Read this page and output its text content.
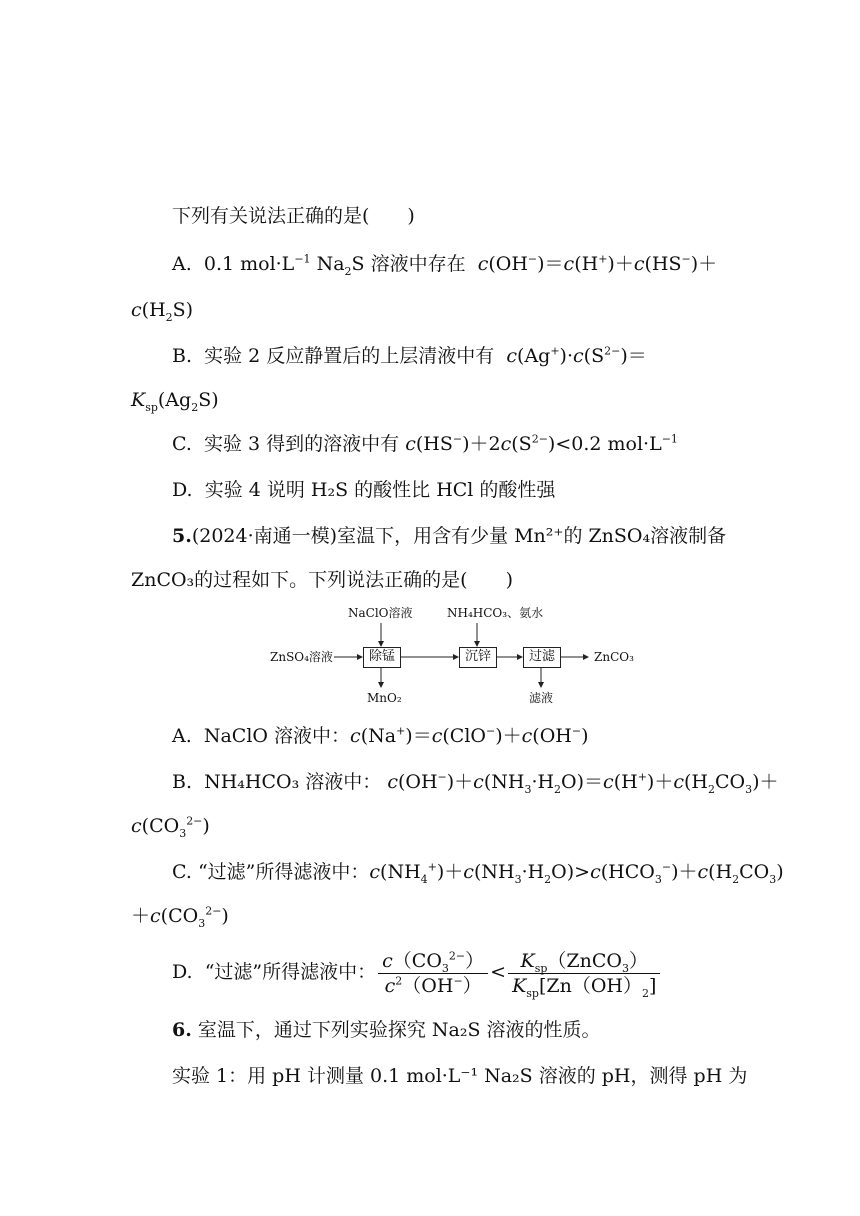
下列有关说法正确的是(　　)
A. 0.1 $mol\cdot L^{-1}$ $Na_2S$ 溶液中存在 c(OH−)＝c(H+)＋c(HS−)＋
$c(H_2S)$
B. 实验 2 反应静置后的上层清液中有 $c(Ag^+)\cdot c(S^{2-})=$
$K_{sp}(Ag_2S)$
C. 实验 3 得到的溶液中有 $c(HS^-)+2c(S^{2-})<0.2$ $mol\cdot L^{-1}$
D. 实验 4 说明 H₂S 的酸性比 HCl 的酸性强
5.(2024·南通一模)室温下，用含有少量 Mn²⁺的 ZnSO₄溶液制备
ZnCO₃的过程如下。下列说法正确的是(　　)
NaClO溶液	NH₄HCO₃、氨水
ZnSO₄溶液	除锰	沉锌	过滤	ZnCO₃
MnO₂	滤液
A. NaClO 溶液中：c(Na+)＝c(ClO−)＋c(OH−)
B. NH₄HCO₃ 溶液中： $c(OH^-)+c(NH_3\cdot H_2O)=c(H^+)+c(H_2CO_3)+$
$c(CO_3^{2-})$
C. “过滤”所得滤液中：$c(NH_4^+)+c(NH_3\cdot H_2O)>c(HCO_3^-)+c(H_2CO_3)$
$+c(CO_3^{2-})$
D. “过滤”所得滤液中： $\frac{c(CO_3^{2-})}{c^2(OH^-)} < \frac{K_{sp}(ZnCO_3)}{K_{sp}[Zn(OH)_2]}$
6. 室温下，通过下列实验探究 Na₂S 溶液的性质。
实验 1：用 pH 计测量 0.1 mol·L⁻¹ Na₂S 溶液的 pH，测得 pH 为
